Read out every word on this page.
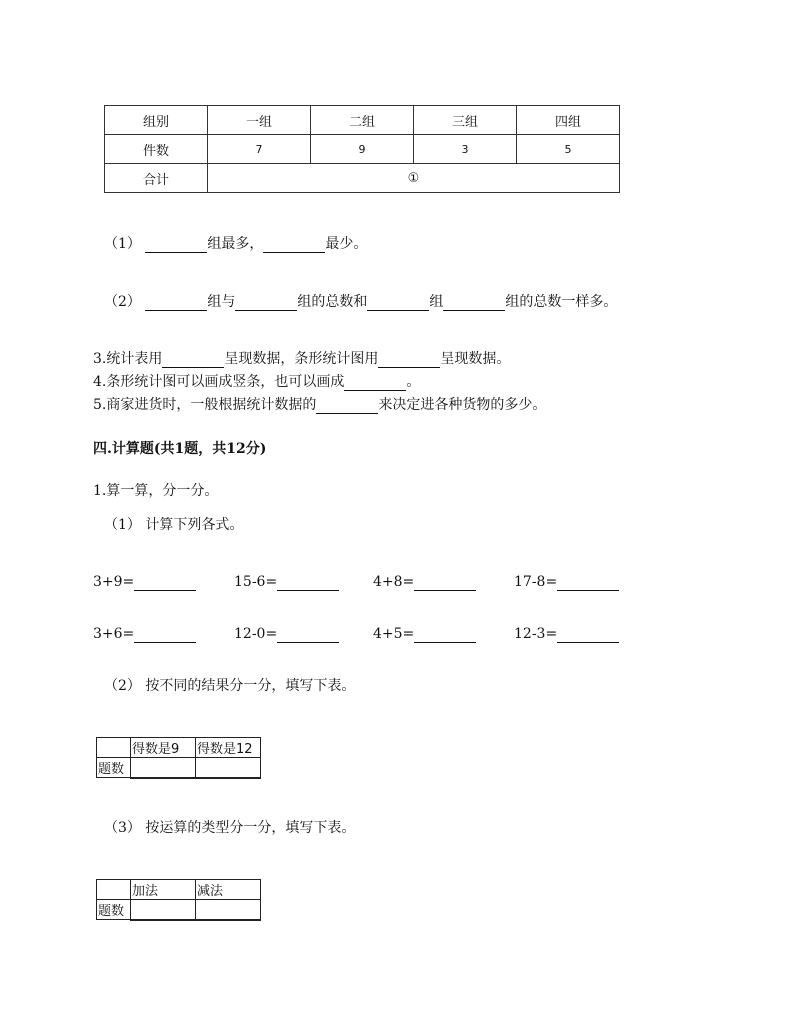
组别	一组	二组	三组	四组
件数	7	9	3	5
合计	①			
（1）	组最多，	最少。
（2）	组与	组的总数和	组	组的总数一样多。
3.统计表用	呈现数据，条形统计图用	呈现数据。
4.条形统计图可以画成竖条，也可以画成	。
5.商家进货时，一般根据统计数据的	来决定进各种货物的多少。
四.计算题(共1题，共12分)
1.算一算，分一分。
（1） 计算下列各式。
3+9=	15-6=	4+8=	17-8=
3+6=	12-0=	4+5=	12-3=
（2） 按不同的结果分一分，填写下表。
	得数是9	得数是12
题数		
（3） 按运算的类型分一分，填写下表。
	加法	减法
题数		
